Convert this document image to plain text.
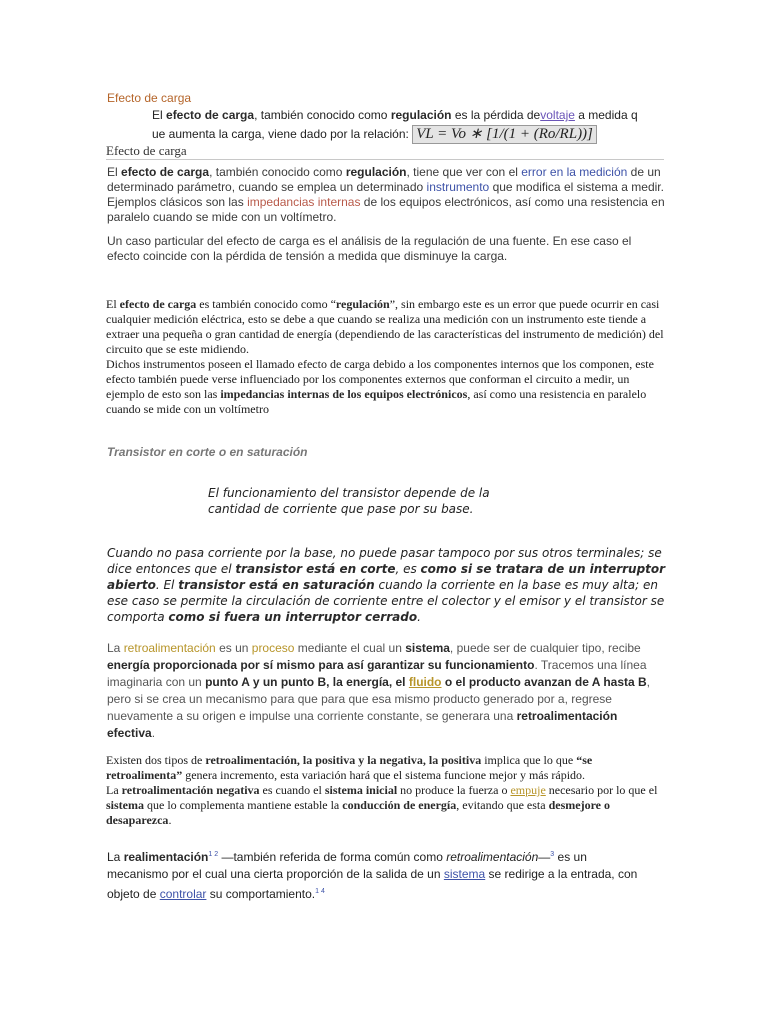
Efecto de carga
El efecto de carga, también conocido como regulación es la pérdida devoltaje a medida q
ue aumenta la carga, viene dado por la relación: VL = Vo ∗ [1/(1 + (Ro/RL))]
Efecto de carga
El efecto de carga, también conocido como regulación, tiene que ver con el error en la medición de un determinado parámetro, cuando se emplea un determinado instrumento que modifica el sistema a medir. Ejemplos clásicos son las impedancias internas de los equipos electrónicos, así como una resistencia en paralelo cuando se mide con un voltímetro.
Un caso particular del efecto de carga es el análisis de la regulación de una fuente. En ese caso el efecto coincide con la pérdida de tensión a medida que disminuye la carga.
El efecto de carga es también conocido como “regulación”, sin embargo este es un error que puede ocurrir en casi cualquier medición eléctrica, esto se debe a que cuando se realiza una medición con un instrumento este tiende a extraer una pequeña o gran cantidad de energía (dependiendo de las características del instrumento de medición) del circuito que se este midiendo.
Dichos instrumentos poseen el llamado efecto de carga debido a los componentes internos que los componen, este efecto también puede verse influenciado por los componentes externos que conforman el circuito a medir, un ejemplo de esto son las impedancias internas de los equipos electrónicos, así como una resistencia en paralelo cuando se mide con un voltímetro
Transistor en corte o en saturación
El funcionamiento del transistor depende de la cantidad de corriente que pase por su base.
Cuando no pasa corriente por la base, no puede pasar tampoco por sus otros terminales; se dice entonces que el transistor está en corte, es como si se tratara de un interruptor abierto. El transistor está en saturación cuando la corriente en la base es muy alta; en ese caso se permite la circulación de corriente entre el colector y el emisor y el transistor se comporta como si fuera un interruptor cerrado.
La retroalimentación es un proceso mediante el cual un sistema, puede ser de cualquier tipo, recibe energía proporcionada por sí mismo para así garantizar su funcionamiento. Tracemos una línea imaginaria con un punto A y un punto B, la energía, el fluido o el producto avanzan de A hasta B, pero si se crea un mecanismo para que para que esa mismo producto generado por a, regrese nuevamente a su origen e impulse una corriente constante, se generara una retroalimentación efectiva.
Existen dos tipos de retroalimentación, la positiva y la negativa, la positiva implica que lo que “se retroalimenta” genera incremento, esta variación hará que el sistema funcione mejor y más rápido.
La retroalimentación negativa es cuando el sistema inicial no produce la fuerza o empuje necesario por lo que el sistema que lo complementa mantiene estable la conducción de energía, evitando que esta desmejore o desaparezca.
La realimentación$^{1 2}$ —también referida de forma común como retroalimentación—$^3$ es un mecanismo por el cual una cierta proporción de la salida de un sistema se redirige a la entrada, con objeto de controlar su comportamiento.$^{1 4}$
